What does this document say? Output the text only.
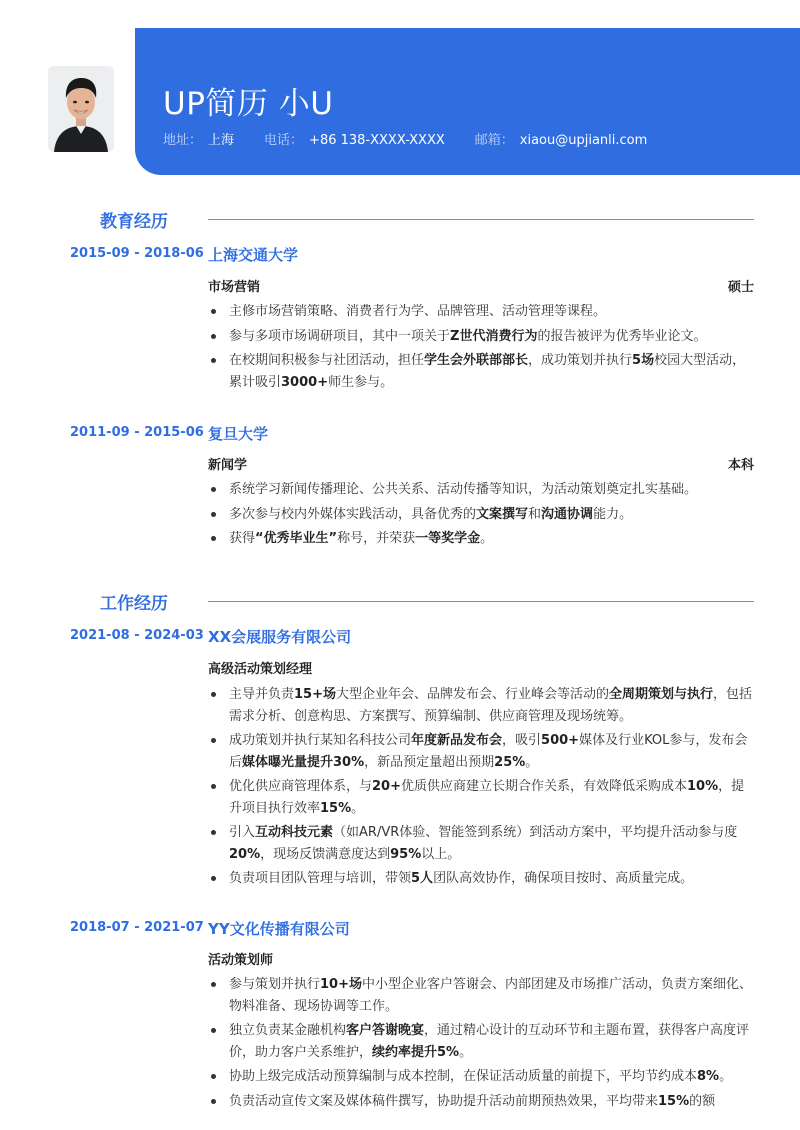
UP简历 小U
地址： 上海 电话： +86 138-XXXX-XXXX 邮箱： xiaou@upjianli.com
教育经历
2015-09 - 2018-06 上海交通大学
市场营销	硕士
主修市场营销策略、消费者行为学、品牌管理、活动管理等课程。
参与多项市场调研项目，其中一项关于Z世代消费行为的报告被评为优秀毕业论文。
在校期间积极参与社团活动，担任学生会外联部部长，成功策划并执行5场校园大型活动，累计吸引3000+师生参与。
2011-09 - 2015-06 复旦大学
新闻学	本科
系统学习新闻传播理论、公共关系、活动传播等知识，为活动策划奠定扎实基础。
多次参与校内外媒体实践活动，具备优秀的文案撰写和沟通协调能力。
获得“优秀毕业生”称号，并荣获一等奖学金。
工作经历
2021-08 - 2024-03 XX会展服务有限公司
高级活动策划经理
主导并负责15+场大型企业年会、品牌发布会、行业峰会等活动的全周期策划与执行，包括需求分析、创意构思、方案撰写、预算编制、供应商管理及现场统筹。
成功策划并执行某知名科技公司年度新品发布会，吸引500+媒体及行业KOL参与，发布会后媒体曝光量提升30%，新品预定量超出预期25%。
优化供应商管理体系，与20+优质供应商建立长期合作关系，有效降低采购成本10%，提升项目执行效率15%。
引入互动科技元素（如AR/VR体验、智能签到系统）到活动方案中，平均提升活动参与度20%，现场反馈满意度达到95%以上。
负责项目团队管理与培训，带领5人团队高效协作，确保项目按时、高质量完成。
2018-07 - 2021-07 YY文化传播有限公司
活动策划师
参与策划并执行10+场中小型企业客户答谢会、内部团建及市场推广活动，负责方案细化、物料准备、现场协调等工作。
独立负责某金融机构客户答谢晚宴，通过精心设计的互动环节和主题布置，获得客户高度评价，助力客户关系维护，续约率提升5%。
协助上级完成活动预算编制与成本控制，在保证活动质量的前提下，平均节约成本8%。
负责活动宣传文案及媒体稿件撰写，协助提升活动前期预热效果，平均带来15%的额
